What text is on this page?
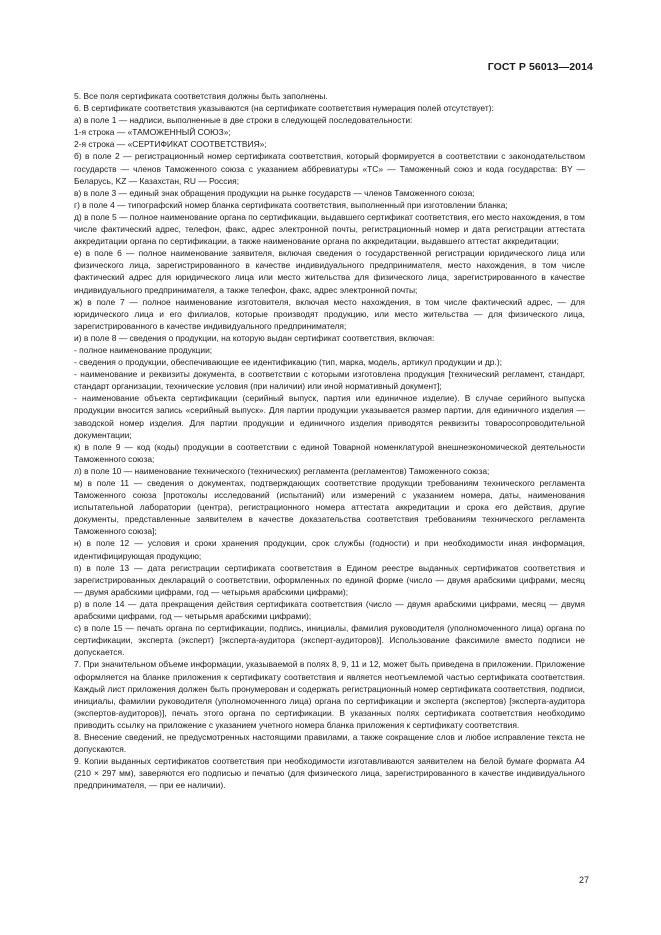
ГОСТ Р 56013—2014

5. Все поля сертификата соответствия должны быть заполнены.

6. В сертификате соответствия указываются (на сертификате соответствия нумерация полей отсутствует):

а) в поле 1 — надписи, выполненные в две строки в следующей последовательности:

1-я строка — «ТАМОЖЕННЫЙ СОЮЗ»;

2-я строка — «СЕРТИФИКАТ СООТВЕТСТВИЯ»;

б) в поле 2 — регистрационный номер сертификата соответствия, который формируется в соответствии с законодательством государств — членов Таможенного союза с указанием аббревиатуры «ТС» — Таможенный союз и кода государства: BY — Беларусь, KZ — Казахстан, RU — Россия;

в) в поле 3 — единый знак обращения продукции на рынке государств — членов Таможенного союза;

г) в поле 4 — типографский номер бланка сертификата соответствия, выполненный при изготовлении бланка;

д) в поле 5 — полное наименование органа по сертификации, выдавшего сертификат соответствия, его место нахождения, в том числе фактический адрес, телефон, факс, адрес электронной почты, регистрационный номер и дата регистрации аттестата аккредитации органа по сертификации, а также наименование органа по аккредитации, выдавшего аттестат аккредитации;

е) в поле 6 — полное наименование заявителя, включая сведения о государственной регистрации юридического лица или физического лица, зарегистрированного в качестве индивидуального предпринимателя, место нахождения, в том числе фактический адрес для юридического лица или место жительства для физического лица, зарегистрированного в качестве индивидуального предпринимателя, а также телефон, факс, адрес электронной почты;

ж) в поле 7 — полное наименование изготовителя, включая место нахождения, в том числе фактический адрес, — для юридического лица и его филиалов, которые производят продукцию, или место жительства — для физического лица, зарегистрированного в качестве индивидуального предпринимателя;

и) в поле 8 — сведения о продукции, на которую выдан сертификат соответствия, включая:

- полное наименование продукции;

- сведения о продукции, обеспечивающие ее идентификацию (тип, марка, модель, артикул продукции и др.);

- наименование и реквизиты документа, в соответствии с которыми изготовлена продукция [технический регламент, стандарт, стандарт организации, технические условия (при наличии) или иной нормативный документ];

- наименование объекта сертификации (серийный выпуск, партия или единичное изделие). В случае серийного выпуска продукции вносится запись «серийный выпуск». Для партии продукции указывается размер партии, для единичного изделия — заводской номер изделия. Для партии продукции и единичного изделия приводятся реквизиты товаросопроводительной документации;

к) в поле 9 — код (коды) продукции в соответствии с единой Товарной номенклатурой внешнеэкономической деятельности Таможенного союза;

л) в поле 10 — наименование технического (технических) регламента (регламентов) Таможенного союза;

м) в поле 11 — сведения о документах, подтверждающих соответствие продукции требованиям технического регламента Таможенного союза [протоколы исследований (испытаний) или измерений с указанием номера, даты, наименования испытательной лаборатории (центра), регистрационного номера аттестата аккредитации и срока его действия, другие документы, представленные заявителем в качестве доказательства соответствия требованиям технического регламента Таможенного союза];

н) в поле 12 — условия и сроки хранения продукции, срок службы (годности) и при необходимости иная информация, идентифицирующая продукцию;

п) в поле 13 — дата регистрации сертификата соответствия в Едином реестре выданных сертификатов соответствия и зарегистрированных деклараций о соответствии, оформленных по единой форме (число — двумя арабскими цифрами, месяц — двумя арабскими цифрами, год — четырьмя арабскими цифрами);

р) в поле 14 — дата прекращения действия сертификата соответствия (число — двумя арабскими цифрами, месяц — двумя арабскими цифрами, год — четырьмя арабскими цифрами);

с) в поле 15 — печать органа по сертификации, подпись, инициалы, фамилия руководителя (уполномоченного лица) органа по сертификации, эксперта (эксперт) [эксперта-аудитора (эксперт-аудиторов)]. Использование факсимиле вместо подписи не допускается.

7. При значительном объеме информации, указываемой в полях 8, 9, 11 и 12, может быть приведена в приложении. Приложение оформляется на бланке приложения к сертификату соответствия и является неотъемлемой частью сертификата соответствия. Каждый лист приложения должен быть пронумерован и содержать регистрационный номер сертификата соответствия, подписи, инициалы, фамилии руководителя (уполномоченного лица) органа по сертификации и эксперта (экспертов) [эксперта-аудитора (экспертов-аудиторов)], печать этого органа по сертификации. В указанных полях сертификата соответствия необходимо приводить ссылку на приложение с указанием учетного номера бланка приложения к сертификату соответствия.

8. Внесение сведений, не предусмотренных настоящими правилами, а также сокращение слов и любое исправление текста не допускаются.

9. Копии выданных сертификатов соответствия при необходимости изготавливаются заявителем на белой бумаге формата А4 (210 × 297 мм), заверяются его подписью и печатью (для физического лица, зарегистрированного в качестве индивидуального предпринимателя, — при ее наличии).

27
